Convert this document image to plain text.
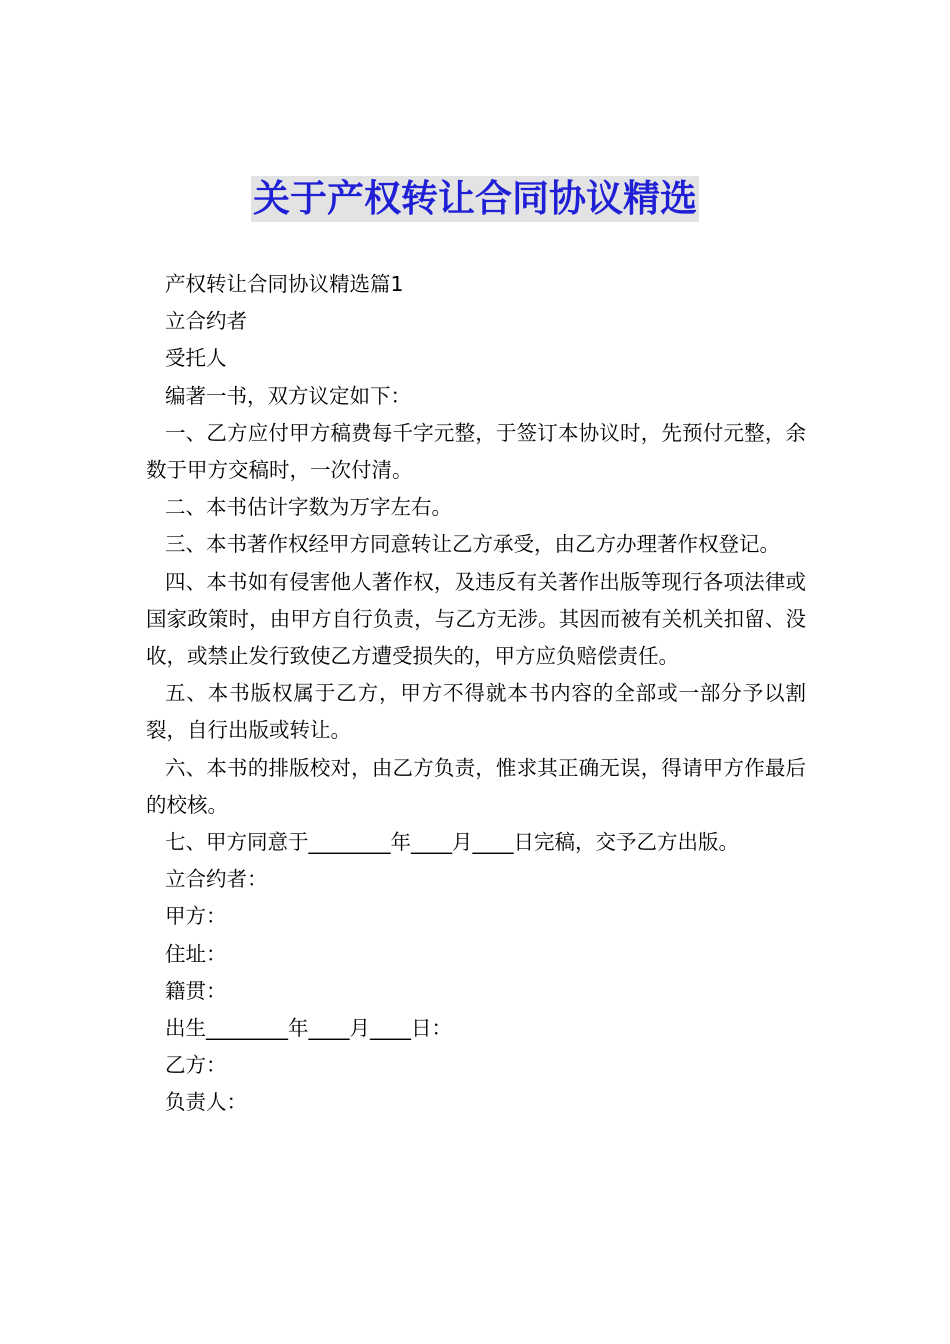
关于产权转让合同协议精选

产权转让合同协议精选篇1

立合约者

受托人

编著一书，双方议定如下：

一、乙方应付甲方稿费每千字元整，于签订本协议时，先预付元整，余数于甲方交稿时，一次付清。

二、本书估计字数为万字左右。

三、本书著作权经甲方同意转让乙方承受，由乙方办理著作权登记。

四、本书如有侵害他人著作权，及违反有关著作出版等现行各项法律或国家政策时，由甲方自行负责，与乙方无涉。其因而被有关机关扣留、没收，或禁止发行致使乙方遭受损失的，甲方应负赔偿责任。

五、本书版权属于乙方，甲方不得就本书内容的全部或一部分予以割裂，自行出版或转让。

六、本书的排版校对，由乙方负责，惟求其正确无误，得请甲方作最后的校核。

七、甲方同意于________年____月____日完稿，交予乙方出版。

立合约者：

甲方：

住址：

籍贯：

出生________年____月____日：

乙方：

负责人：
